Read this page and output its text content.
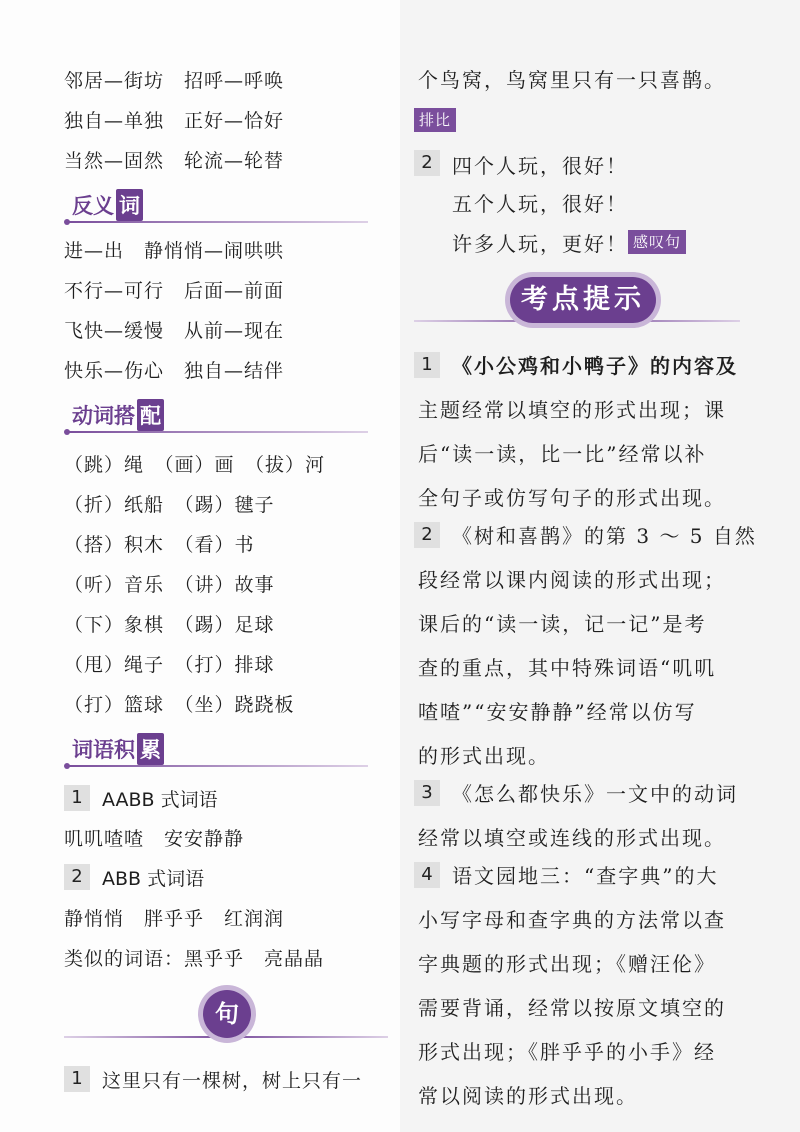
邻居—街坊　招呼—呼唤
独自—单独　正好—恰好
当然—固然　轮流—轮替
反义 词
进—出　静悄悄—闹哄哄
不行—可行　后面—前面
飞快—缓慢　从前—现在
快乐—伤心　独自—结伴
动词搭 配
（跳）绳　（画）画　（拔）河
（折）纸船　（踢）毽子
（搭）积木　（看）书
（听）音乐　（讲）故事
（下）象棋　（踢）足球
（甩）绳子　（打）排球
（打）篮球　（坐）跷跷板
词语积 累
1	AABB 式词语
叽叽喳喳　安安静静
2	ABB 式词语
静悄悄　胖乎乎　红润润
类似的词语：黑乎乎　亮晶晶
句
1	这里只有一棵树，树上只有一
个鸟窝，鸟窝里只有一只喜鹊。
排比
2 四个人玩，很好！
五个人玩，很好！
许多人玩，更好！ 感叹句
考点提示
1 《小公鸡和小鸭子》的内容及
主题经常以填空的形式出现；课
后“读一读，比一比”经常以补
全句子或仿写句子的形式出现。
2 《树和喜鹊》的第 3 ～ 5 自然
段经常以课内阅读的形式出现；
课后的“读一读，记一记”是考
查的重点，其中特殊词语“叽叽
喳喳”“安安静静”经常以仿写
的形式出现。
3 《怎么都快乐》一文中的动词
经常以填空或连线的形式出现。
4 语文园地三：“查字典”的大
小写字母和查字典的方法常以查
字典题的形式出现；《赠汪伦》
需要背诵，经常以按原文填空的
形式出现；《胖乎乎的小手》经
常以阅读的形式出现。
